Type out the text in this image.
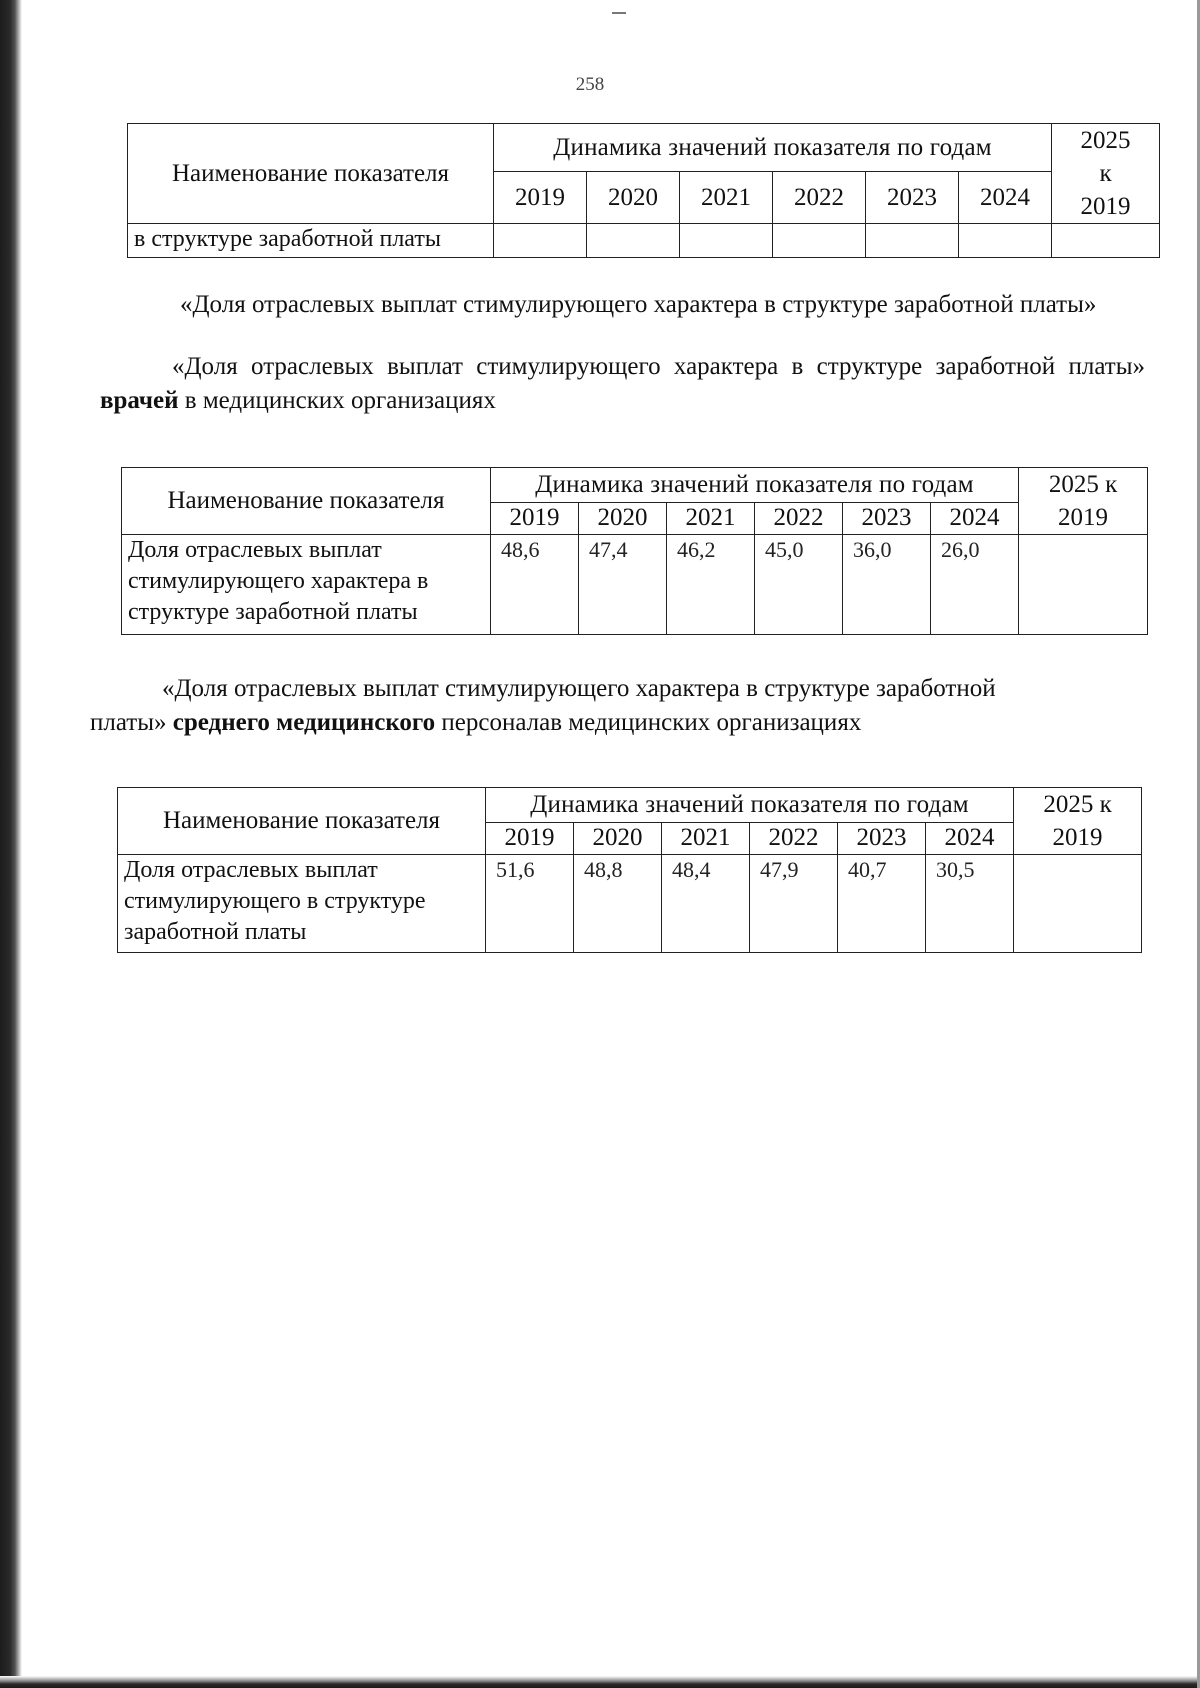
258
Наименование показателя	Динамика значений показателя по годам						2025
к
2019
	2019	2020	2021	2022	2023	2024	
в структуре заработной платы							
«Доля отраслевых выплат стимулирующего характера в структуре заработной платы»
«Доля отраслевых выплат стимулирующего характера в структуре заработной платы» врачей в медицинских организациях
Наименование показателя	Динамика значений показателя по годам						2025 к 2019
	2019	2020	2021	2022	2023	2024	
Доля отраслевых выплат стимулирующего характера в структуре заработной платы	48,6	47,4	46,2	45,0	36,0	26,0	
«Доля отраслевых выплат стимулирующего характера в структуре заработной платы» среднего медицинского персоналав медицинских организациях
Наименование показателя	Динамика значений показателя по годам						2025 к 2019
	2019	2020	2021	2022	2023	2024	
Доля отраслевых выплат стимулирующего в структуре заработной платы	51,6	48,8	48,4	47,9	40,7	30,5	
